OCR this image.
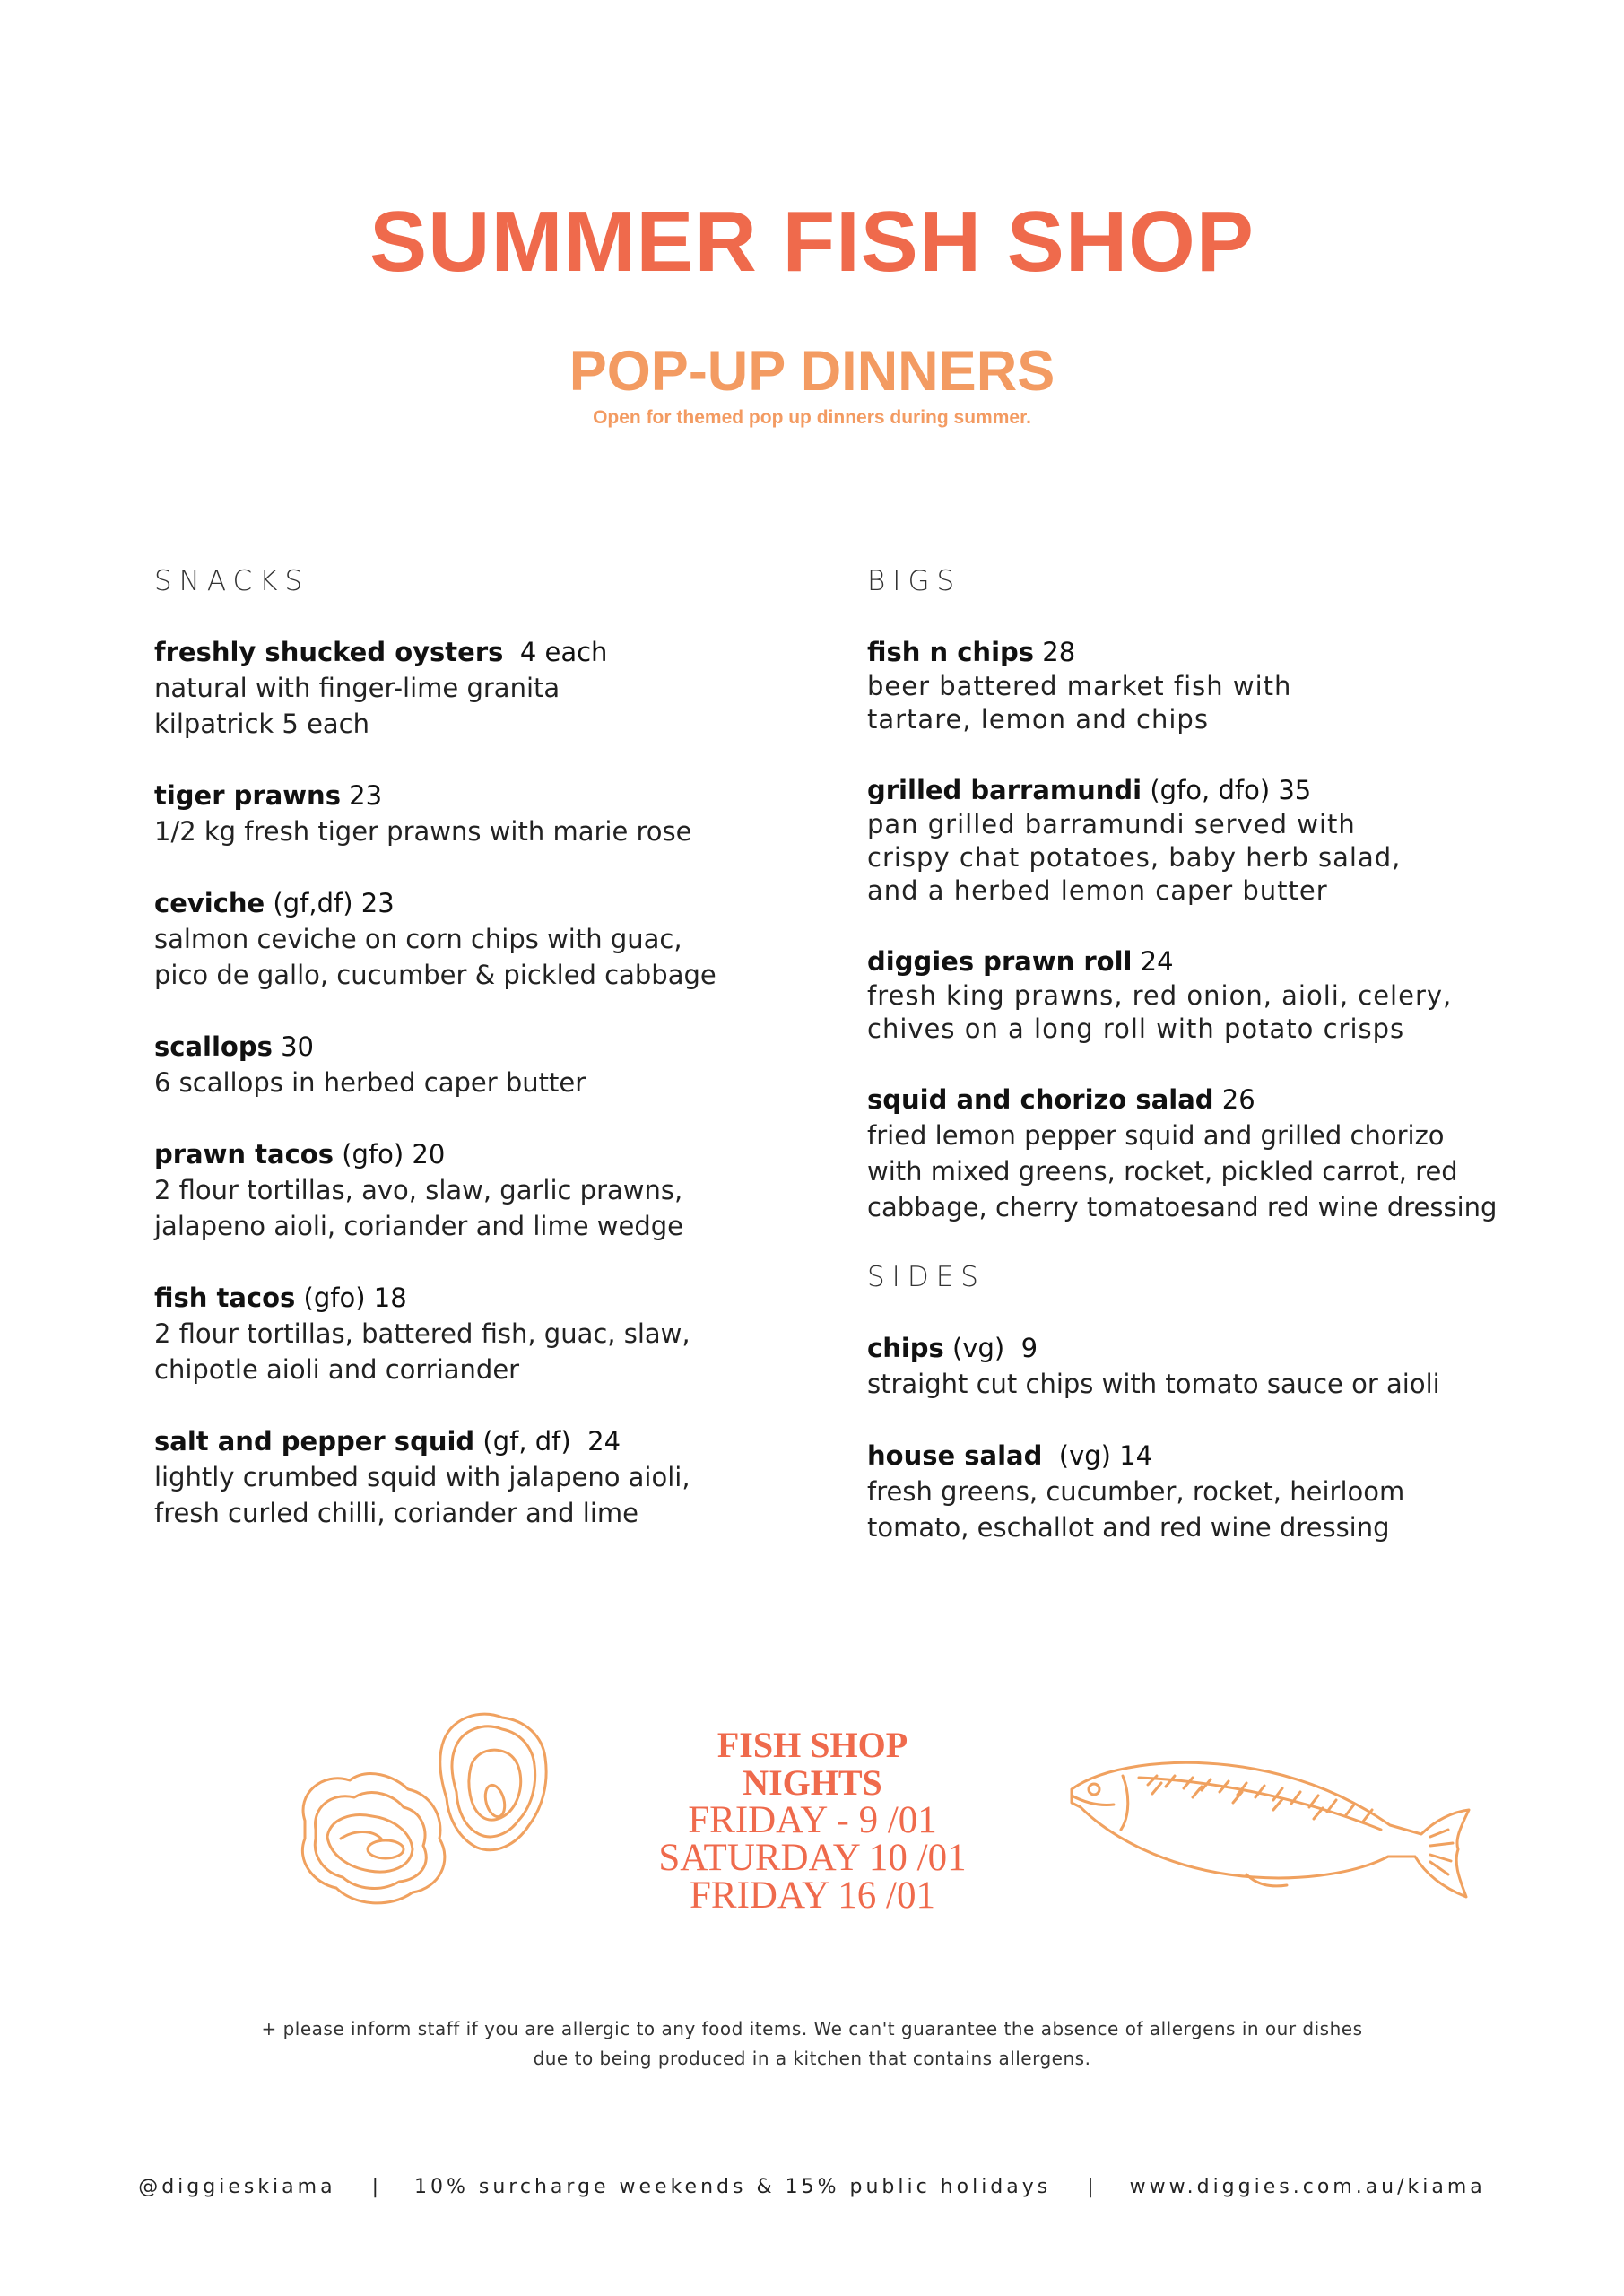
SUMMER FISH SHOP
POP-UP DINNERS

Open for themed pop up dinners during summer.

SNACKS
freshly shucked oysters  4 each
natural with finger-lime granita
kilpatrick 5 each
tiger prawns 23
1/2 kg fresh tiger prawns with marie rose
ceviche (gf,df) 23
salmon ceviche on corn chips with guac,
pico de gallo, cucumber & pickled cabbage
scallops 30
6 scallops in herbed caper butter
prawn tacos (gfo) 20
2 flour tortillas, avo, slaw, garlic prawns,
jalapeno aioli, coriander and lime wedge
fish tacos (gfo) 18
2 flour tortillas, battered fish, guac, slaw,
chipotle aioli and corriander
salt and pepper squid (gf, df)  24
lightly crumbed squid with jalapeno aioli,
fresh curled chilli, coriander and lime
BIGS
fish n chips 28
beer battered market fish with
tartare, lemon and chips
grilled barramundi (gfo, dfo) 35
pan grilled barramundi served with
crispy chat potatoes, baby herb salad,
and a herbed lemon caper butter
diggies prawn roll 24
fresh king prawns, red onion, aioli, celery,
chives on a long roll with potato crisps
squid and chorizo salad 26
fried lemon pepper squid and grilled chorizo
with mixed greens, rocket, pickled carrot, red
cabbage, cherry tomatoesand red wine dressing
SIDES
chips (vg)  9
straight cut chips with tomato sauce or aioli
house salad  (vg) 14
fresh greens, cucumber, rocket, heirloom
tomato, eschallot and red wine dressing
FISH SHOP
NIGHTS
FRIDAY - 9 /01
SATURDAY 10 /01
FRIDAY 16 /01
+ please inform staff if you are allergic to any food items. We can't guarantee the absence of allergens in our dishes
due to being produced in a kitchen that contains allergens.
@diggieskiama | 10% surcharge weekends & 15% public holidays | www.diggies.com.au/kiama
